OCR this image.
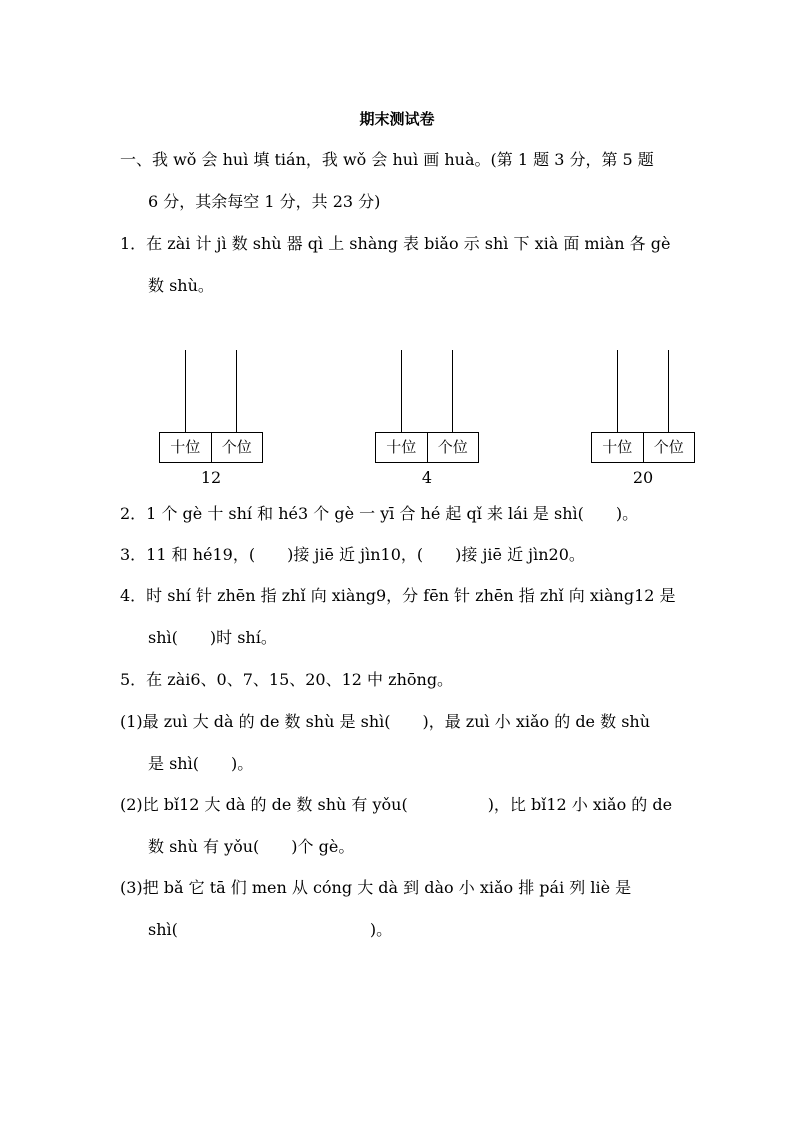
期末测试卷
一、我 wǒ 会 huì 填 tián，我 wǒ 会 huì 画 huà。(第 1 题 3 分，第 5 题
6 分，其余每空 1 分，共 23 分)
1．在 zài 计 jì 数 shù 器 qì 上 shàng 表 biǎo 示 shì 下 xià 面 miàn 各 gè
数 shù。
十位	个位
12
十位	个位
4
十位	个位
20
2．1 个 gè 十 shí 和 hé3 个 gè 一 yī 合 hé 起 qǐ 来 lái 是 shì(　　)。
3．11 和 hé19，(　　)接 jiē 近 jìn10，(　　)接 jiē 近 jìn20。
4．时 shí 针 zhēn 指 zhǐ 向 xiàng9，分 fēn 针 zhēn 指 zhǐ 向 xiàng12 是
shì(　　)时 shí。
5．在 zài6、0、7、15、20、12 中 zhōng。
(1)最 zuì 大 dà 的 de 数 shù 是 shì(　　)，最 zuì 小 xiǎo 的 de 数 shù
是 shì(　　)。
(2)比 bǐ12 大 dà 的 de 数 shù 有 yǒu(　　　　　)，比 bǐ12 小 xiǎo 的 de
数 shù 有 yǒu(　　)个 gè。
(3)把 bǎ 它 tā 们 men 从 cóng 大 dà 到 dào 小 xiǎo 排 pái 列 liè 是
shì(　　　　　　　　　　　　)。
